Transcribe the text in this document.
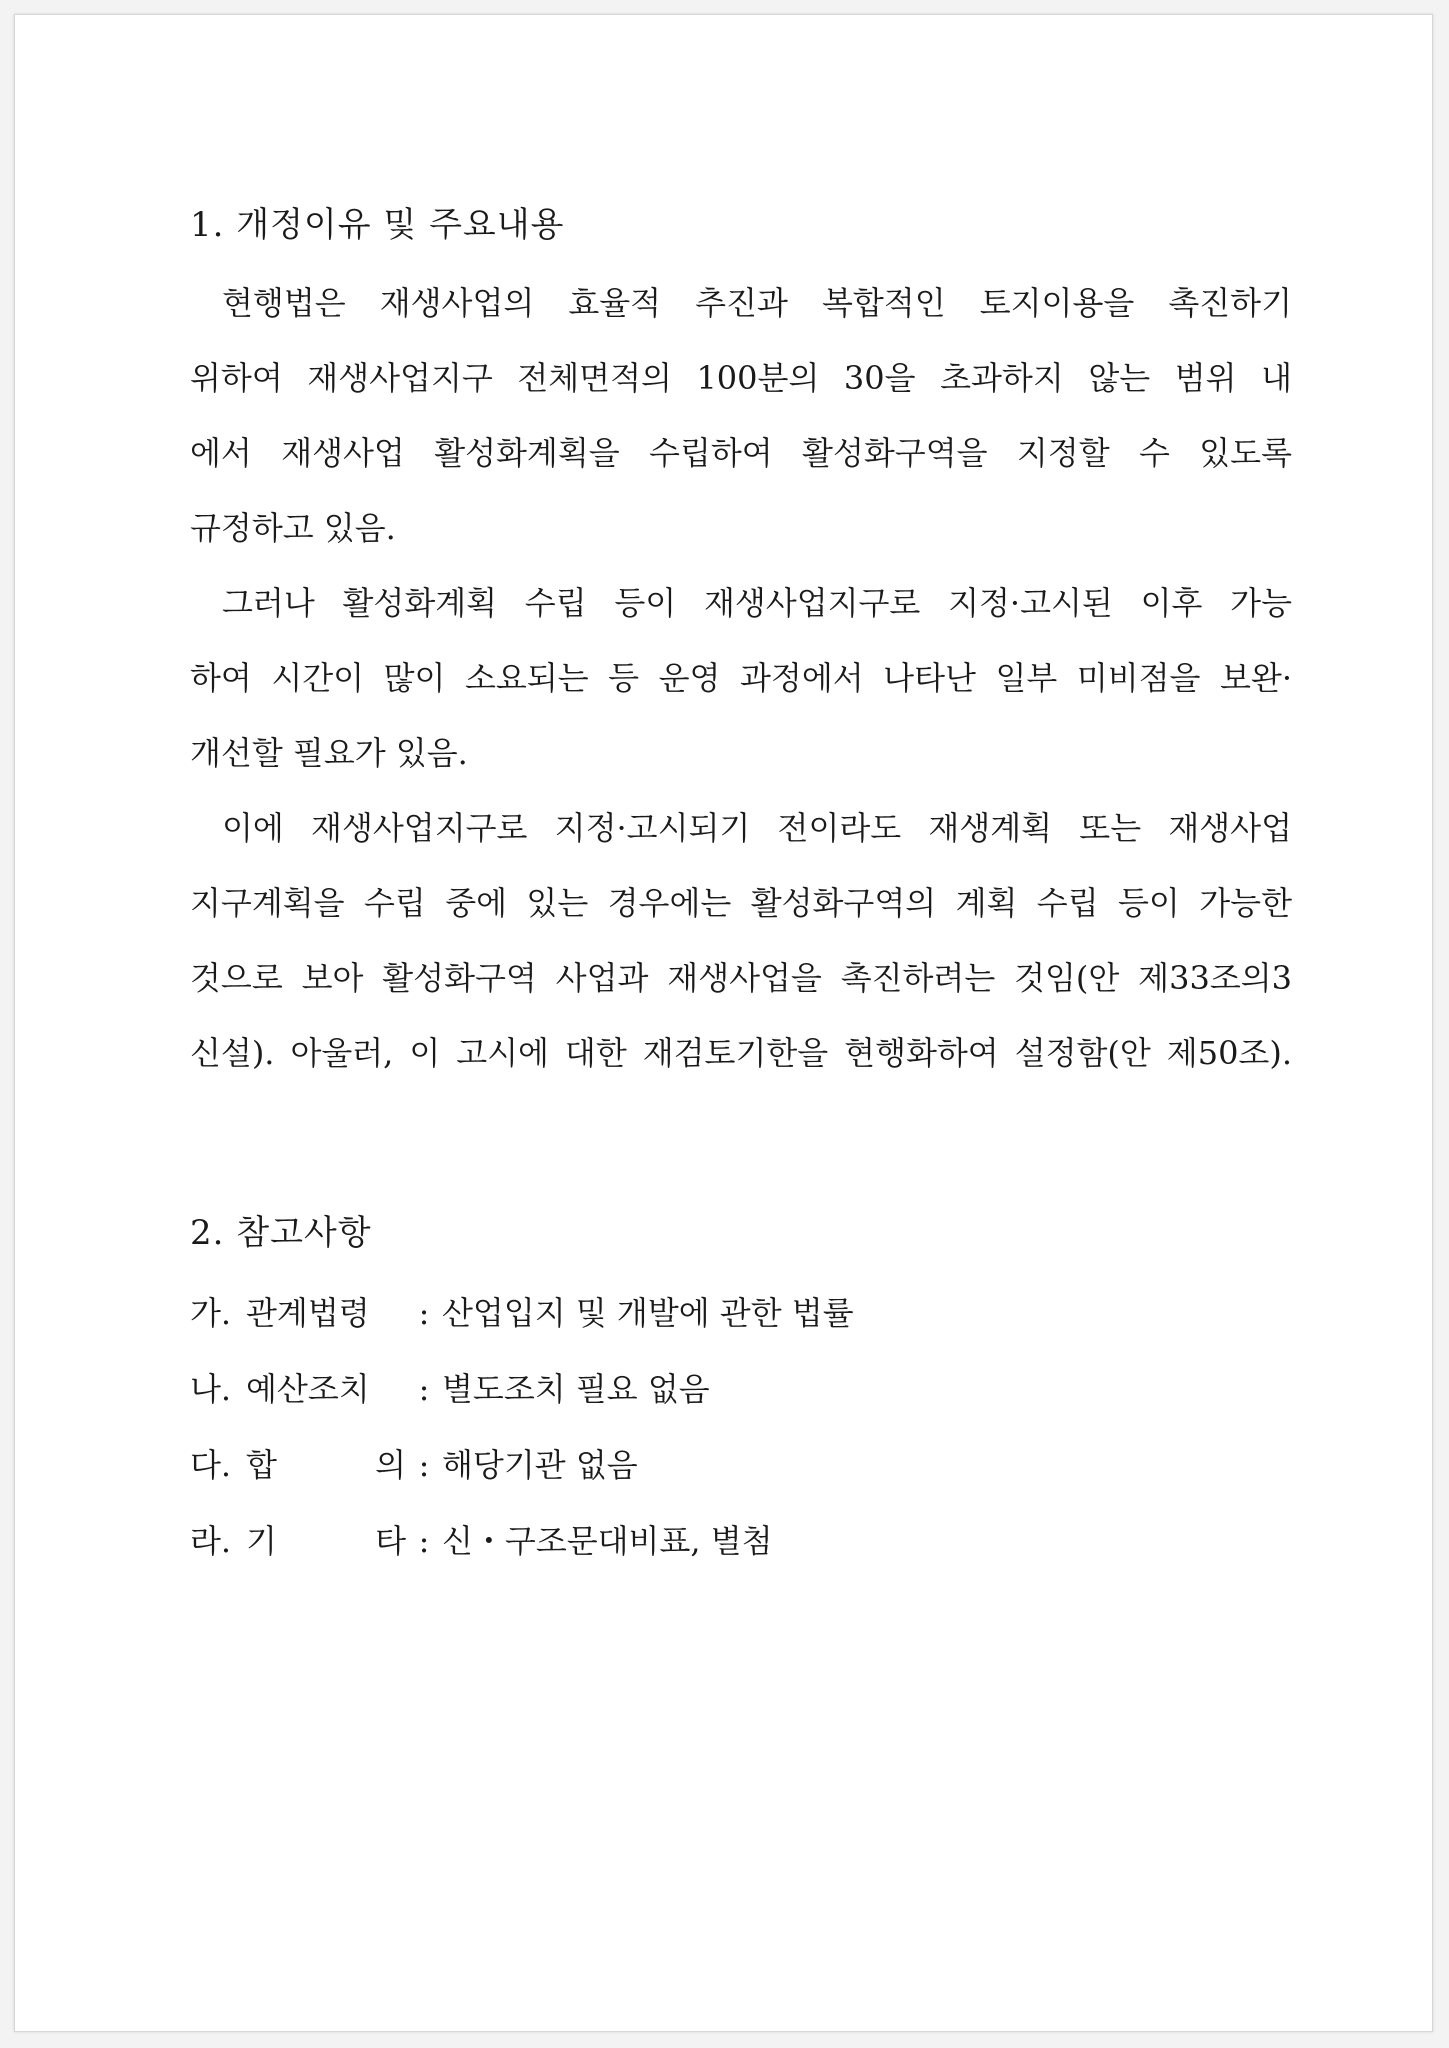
1. 개정이유 및 주요내용
현행법은 재생사업의 효율적 추진과 복합적인 토지이용을 촉진하기
위하여 재생사업지구 전체면적의 100분의 30을 초과하지 않는 범위 내
에서 재생사업 활성화계획을 수립하여 활성화구역을 지정할 수 있도록
규정하고 있음.
그러나 활성화계획 수립 등이 재생사업지구로 지정·고시된 이후 가능
하여 시간이 많이 소요되는 등 운영 과정에서 나타난 일부 미비점을 보완·
개선할 필요가 있음.
이에 재생사업지구로 지정·고시되기 전이라도 재생계획 또는 재생사업
지구계획을 수립 중에 있는 경우에는 활성화구역의 계획 수립 등이 가능한
것으로 보아 활성화구역 사업과 재생사업을 촉진하려는 것임(안 제33조의3
신설). 아울러, 이 고시에 대한 재검토기한을 현행화하여 설정함(안 제50조).
2. 참고사항
가. 관계법령	: 산업입지 및 개발에 관한 법률
나. 예산조치	: 별도조치 필요 없음
다. 합 의 : 해당기관 없음
라. 기 타 : 신・구조문대비표, 별첨
